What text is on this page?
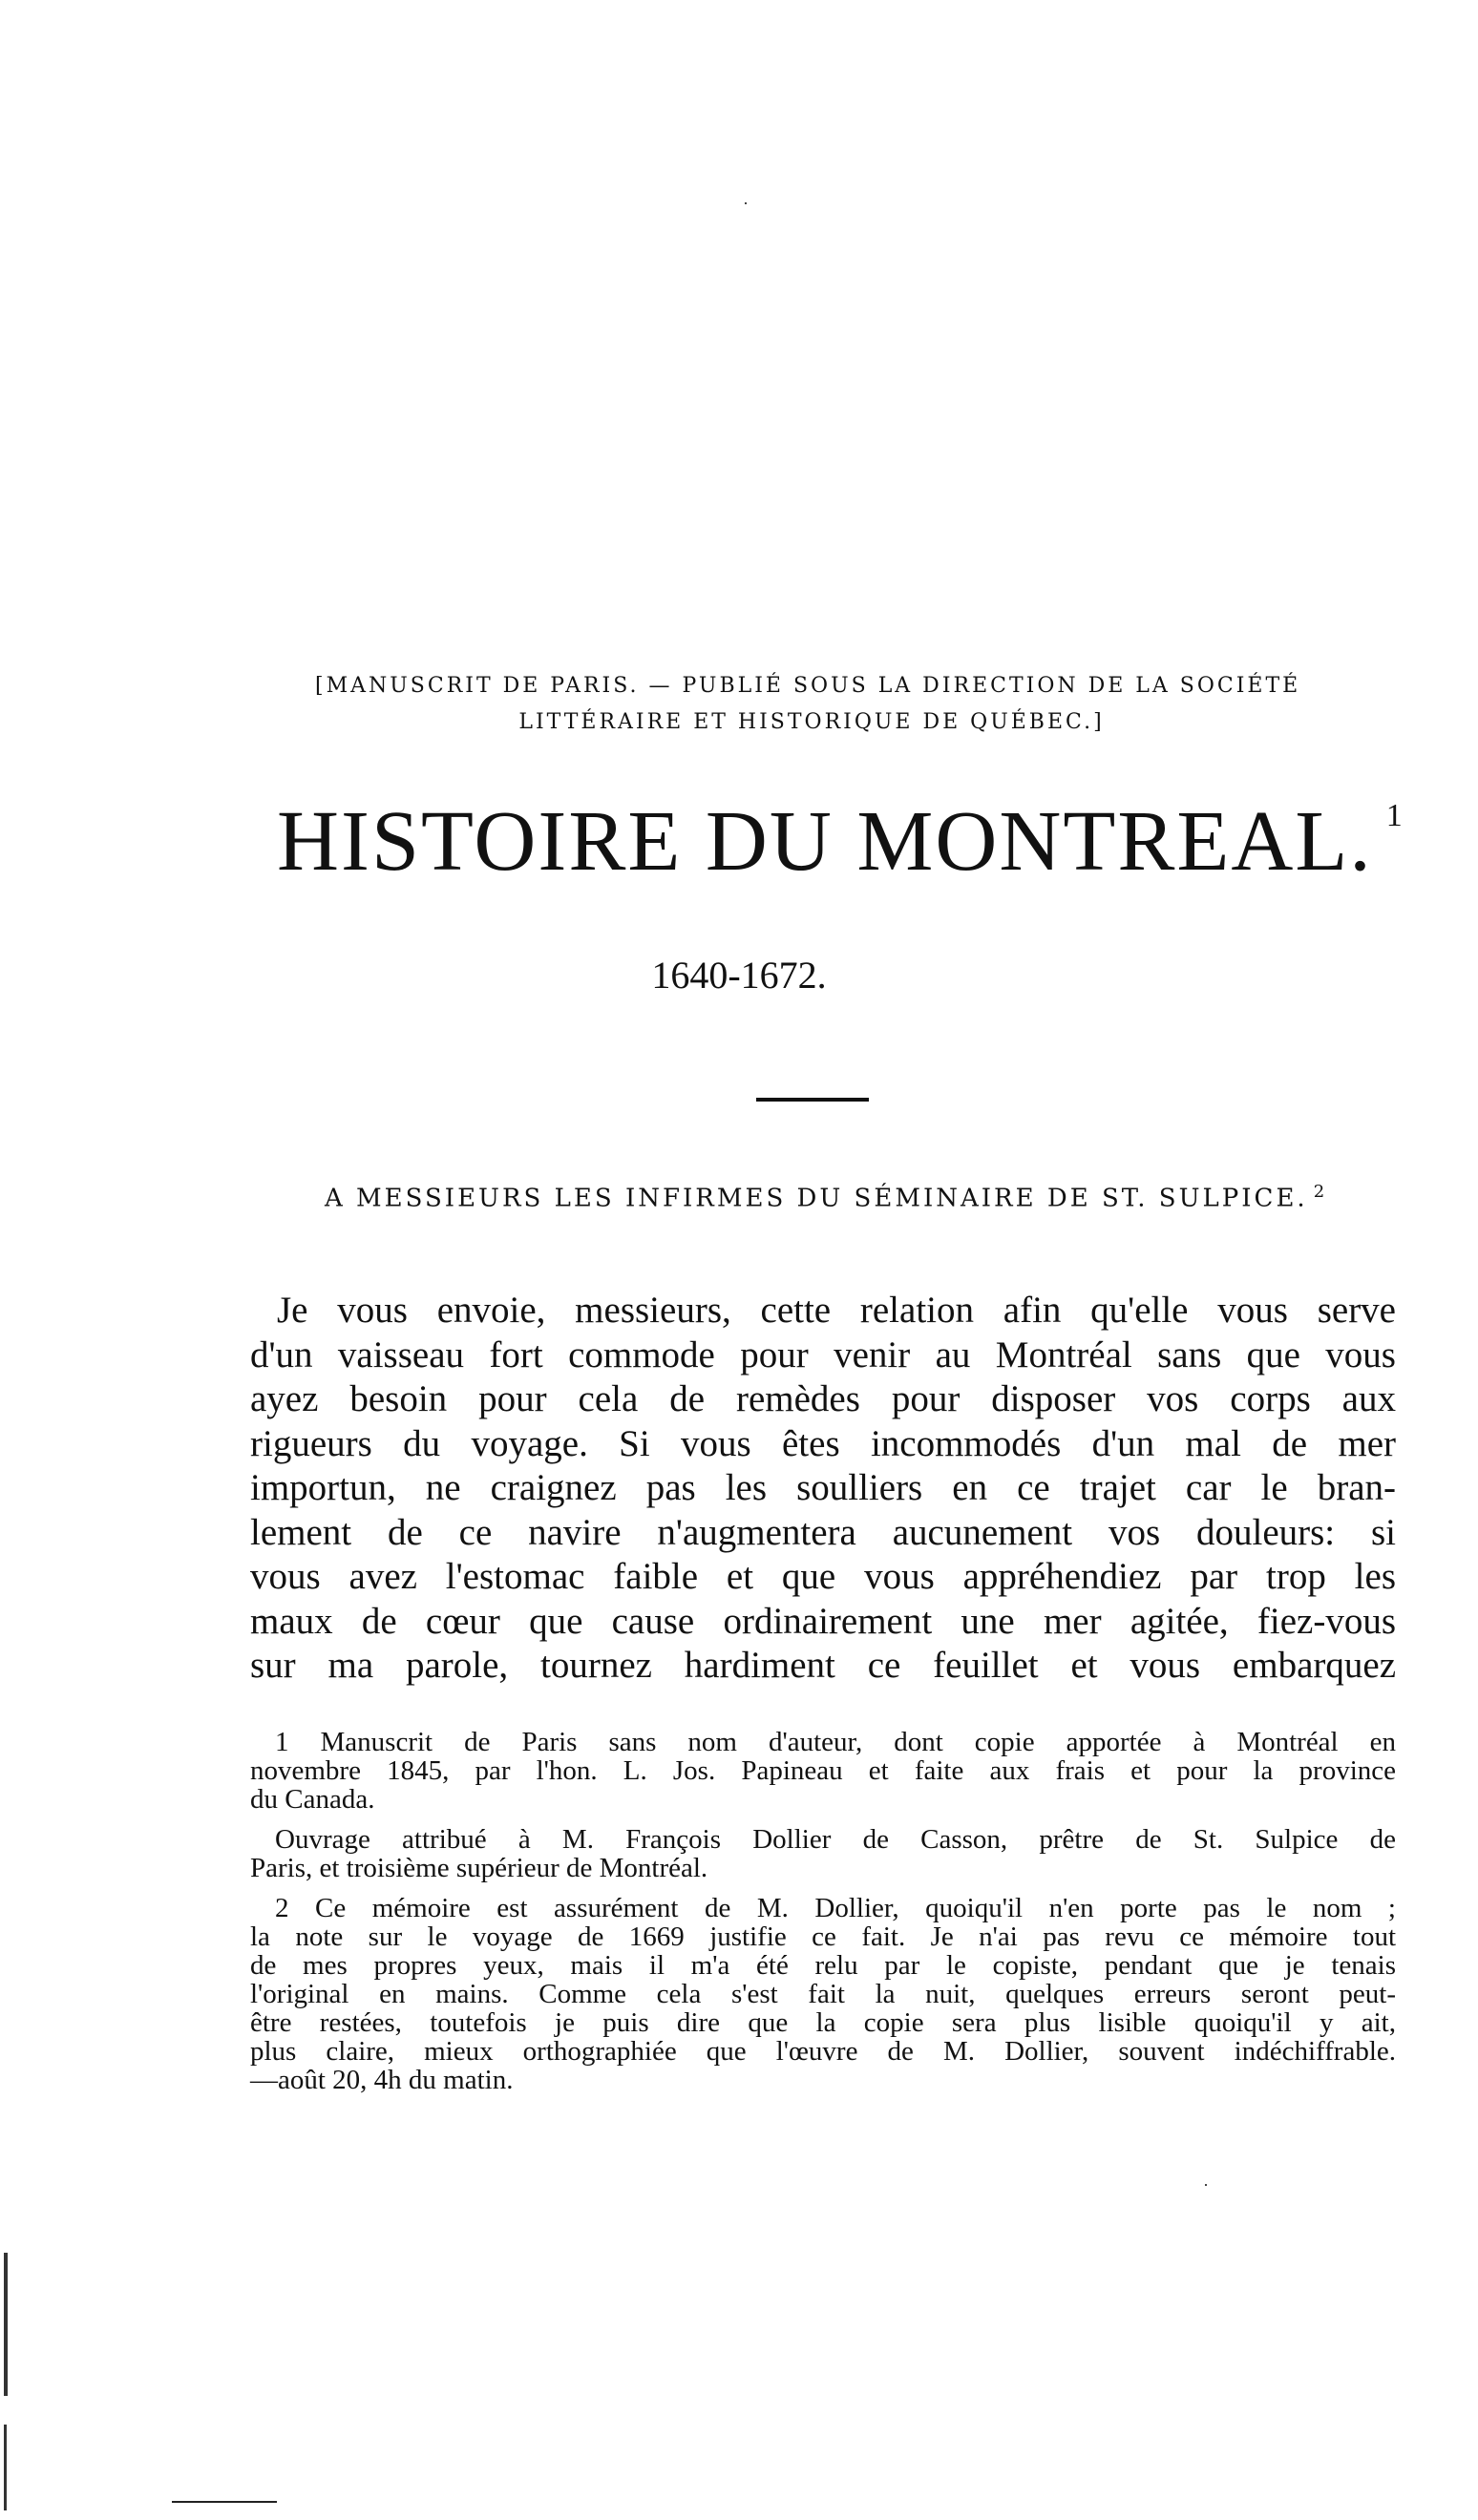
[MANUSCRIT DE PARIS. — PUBLIÉ SOUS LA DIRECTION DE LA SOCIÉTÉ
LITTÉRAIRE ET HISTORIQUE DE QUÉBEC.]
HISTOIRE DU MONTREAL. $^1$
1640-1672.
A MESSIEURS LES INFIRMES DU SÉMINAIRE DE ST. SULPICE. $^2$
Je vous envoie, messieurs, cette relation afin qu'elle vous serve
d'un vaisseau fort commode pour venir au Montréal sans que vous
ayez besoin pour cela de remèdes pour disposer vos corps aux
rigueurs du voyage. Si vous êtes incommodés d'un mal de mer
importun, ne craignez pas les soulliers en ce trajet car le bran-
lement de ce navire n'augmentera aucunement vos douleurs: si
vous avez l'estomac faible et que vous appréhendiez par trop les
maux de cœur que cause ordinairement une mer agitée, fiez-vous
sur ma parole, tournez hardiment ce feuillet et vous embarquez
1 Manuscrit de Paris sans nom d'auteur, dont copie apportée à Montréal en
novembre 1845, par l'hon. L. Jos. Papineau et faite aux frais et pour la province
du Canada.
Ouvrage attribué à M. François Dollier de Casson, prêtre de St. Sulpice de
Paris, et troisième supérieur de Montréal.
2 Ce mémoire est assurément de M. Dollier, quoiqu'il n'en porte pas le nom ;
la note sur le voyage de 1669 justifie ce fait. Je n'ai pas revu ce mémoire tout
de mes propres yeux, mais il m'a été relu par le copiste, pendant que je tenais
l'original en mains. Comme cela s'est fait la nuit, quelques erreurs seront peut-
être restées, toutefois je puis dire que la copie sera plus lisible quoiqu'il y ait,
plus claire, mieux orthographiée que l'œuvre de M. Dollier, souvent indéchiffrable.
—août 20, 4h du matin.
